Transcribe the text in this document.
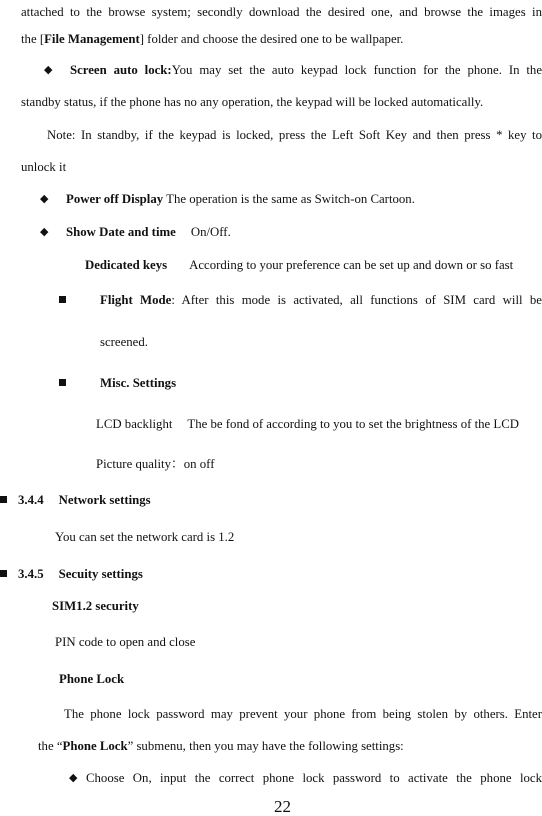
attached to the browse system; secondly download the desired one, and browse the images in
the [File Management] folder and choose the desired one to be wallpaper.
◆ Screen auto lock:You may set the auto keypad lock function for the phone. In the
standby status, if the phone has no any operation, the keypad will be locked automatically.
Note: In standby, if the keypad is locked, press the Left Soft Key and then press * key to
unlock it
◆ Power off Display The operation is the same as Switch-on Cartoon.
◆ Show Date and time On/Off.
Dedicated keys According to your preference can be set up and down or so fast
Flight Mode: After this mode is activated, all functions of SIM card will be
screened.
Misc. Settings
LCD backlight The be fond of according to you to set the brightness of the LCD
Picture quality：on off
3.4.4 Network settings
You can set the network card is 1.2
3.4.5 Secuity settings
SIM1.2 security
PIN code to open and close
Phone Lock
The phone lock password may prevent your phone from being stolen by others. Enter
the “Phone Lock” submenu, then you may have the following settings:
◆ Choose On, input the correct phone lock password to activate the phone lock
22
